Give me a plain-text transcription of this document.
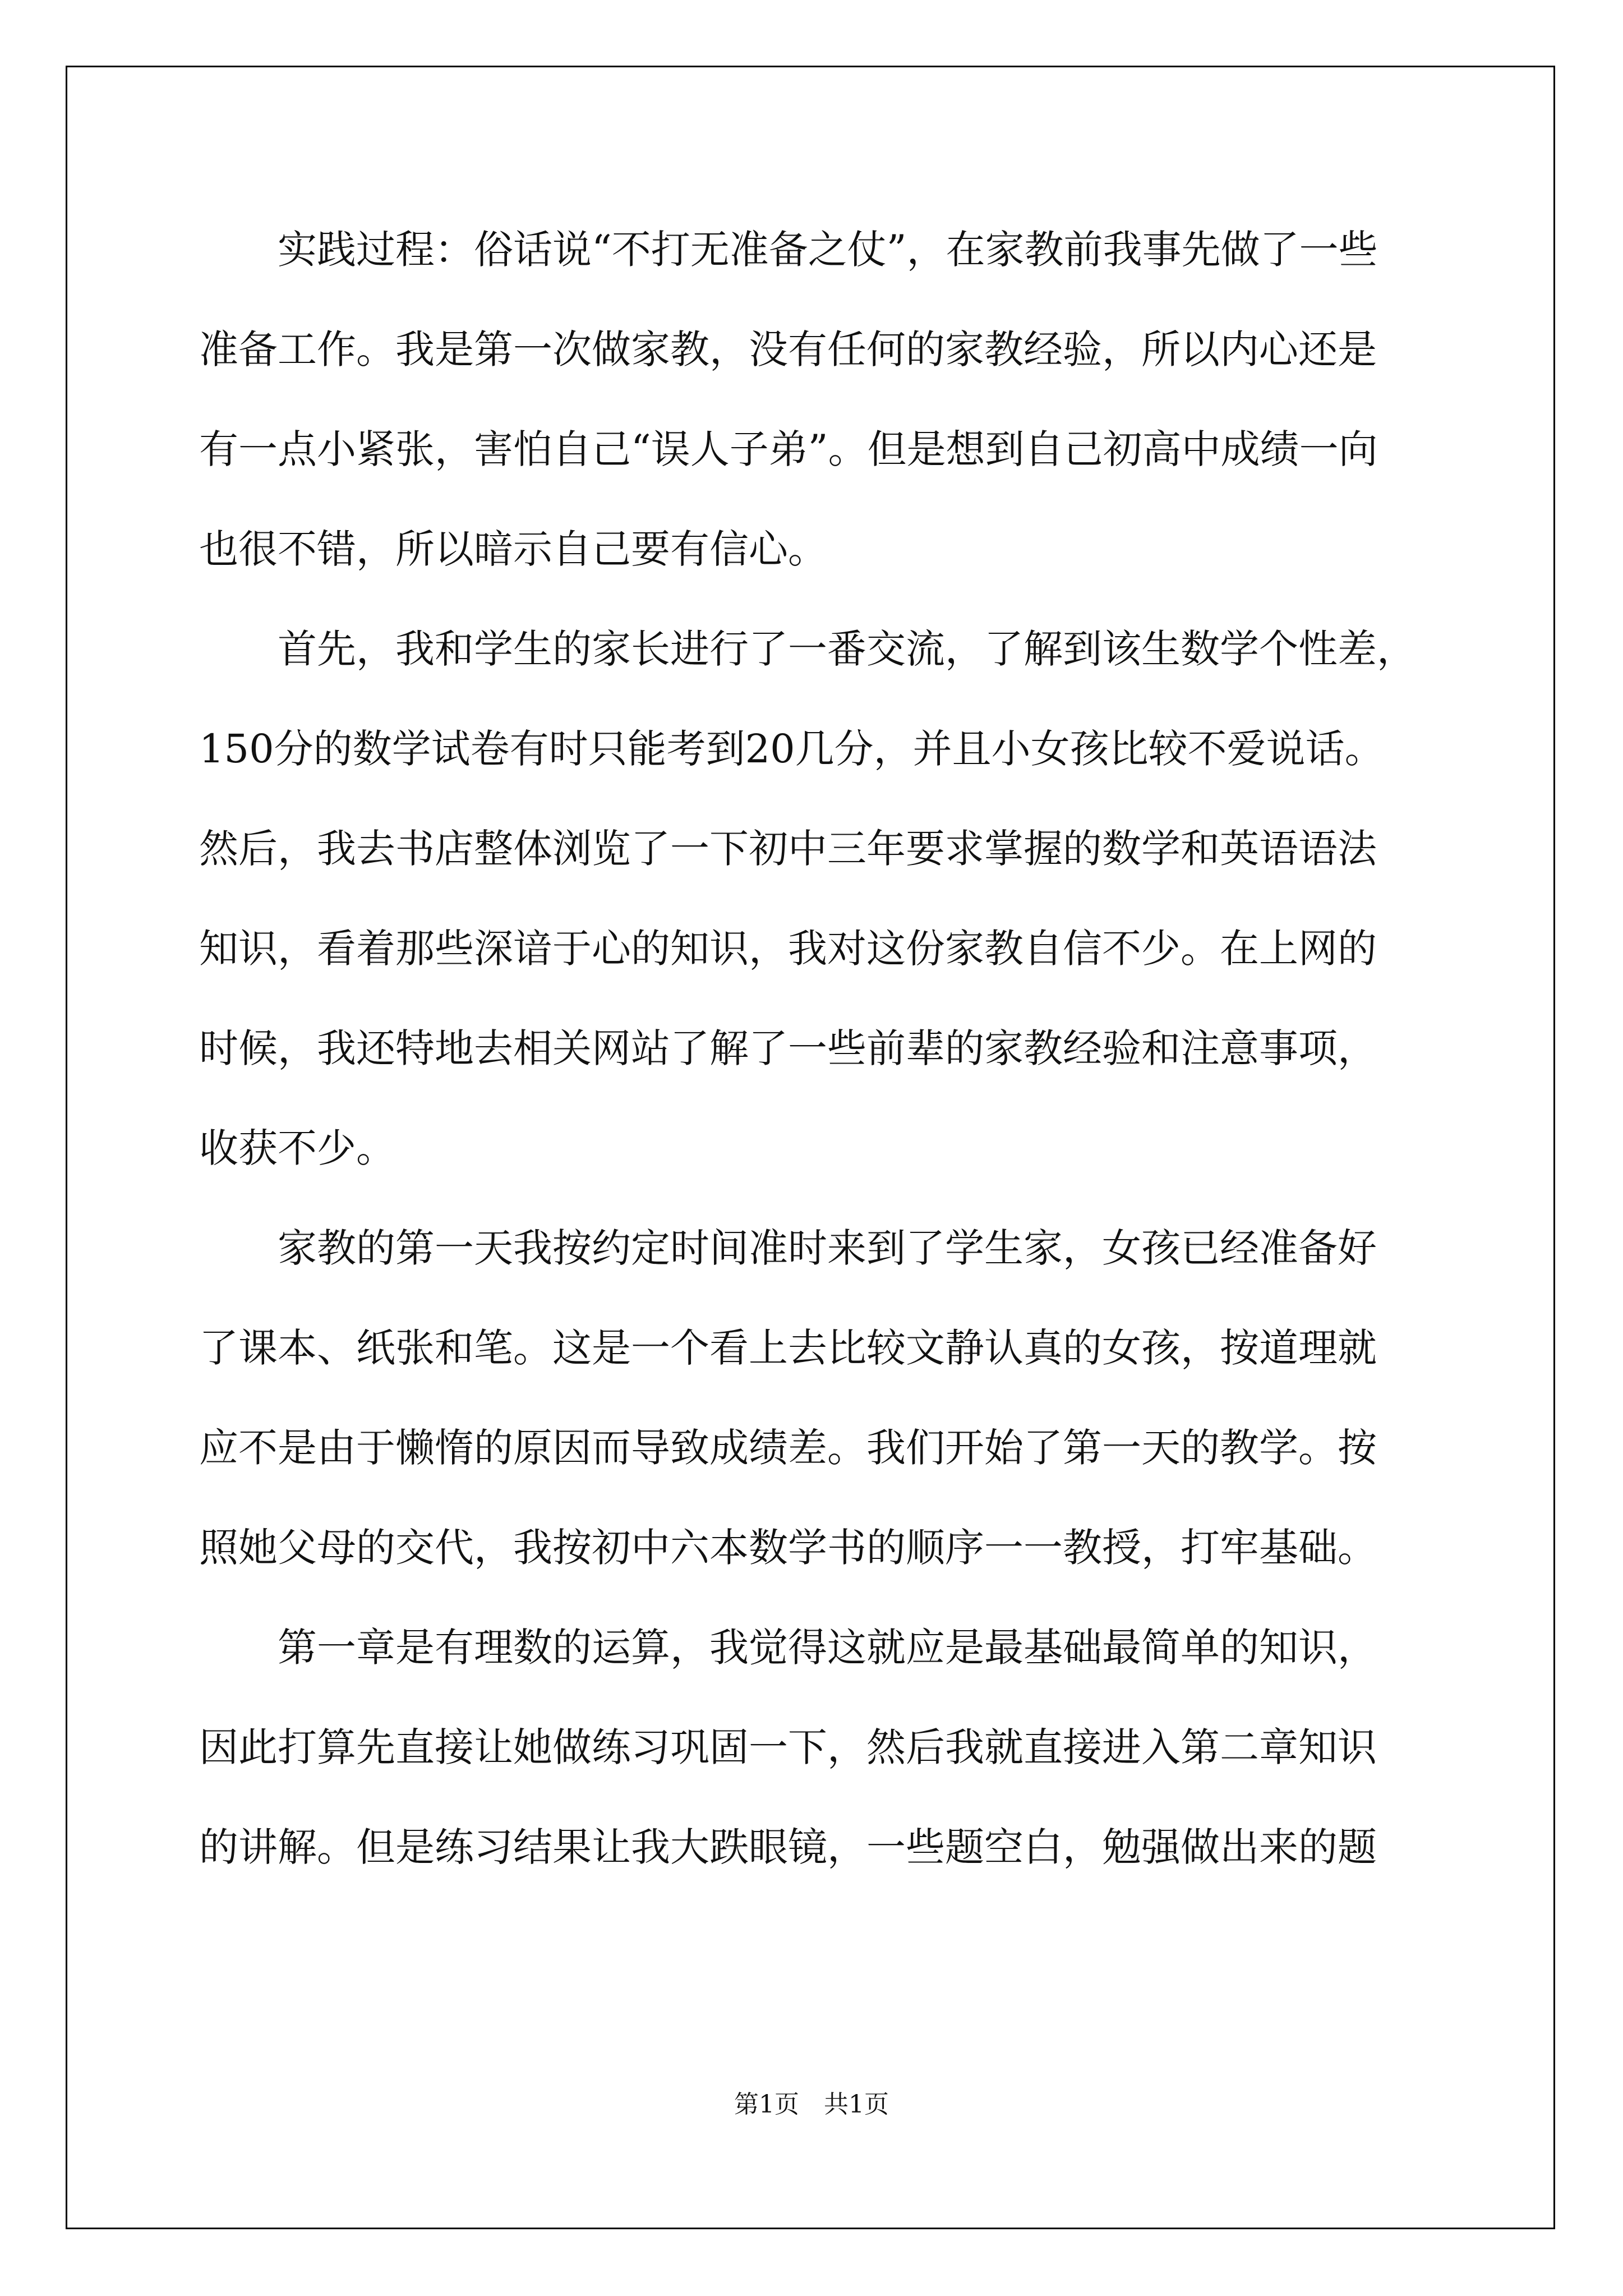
　　实践过程：俗话说“不打无准备之仗”，在家教前我事先做了一些
准备工作。我是第一次做家教，没有任何的家教经验，所以内心还是
有一点小紧张，害怕自己“误人子弟”。但是想到自己初高中成绩一向
也很不错，所以暗示自己要有信心。
　　首先，我和学生的家长进行了一番交流，了解到该生数学个性差，
150分的数学试卷有时只能考到20几分，并且小女孩比较不爱说话。
然后，我去书店整体浏览了一下初中三年要求掌握的数学和英语语法
知识，看着那些深谙于心的知识，我对这份家教自信不少。在上网的
时候，我还特地去相关网站了解了一些前辈的家教经验和注意事项，
收获不少。
　　家教的第一天我按约定时间准时来到了学生家，女孩已经准备好
了课本、纸张和笔。这是一个看上去比较文静认真的女孩，按道理就
应不是由于懒惰的原因而导致成绩差。我们开始了第一天的教学。按
照她父母的交代，我按初中六本数学书的顺序一一教授，打牢基础。
　　第一章是有理数的运算，我觉得这就应是最基础最简单的知识，
因此打算先直接让她做练习巩固一下，然后我就直接进入第二章知识
的讲解。但是练习结果让我大跌眼镜，一些题空白，勉强做出来的题
第1页　共1页
